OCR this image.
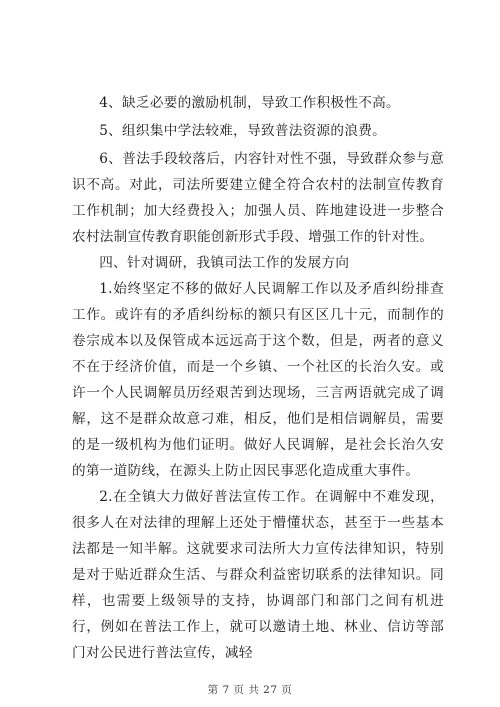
4、缺乏必要的激励机制，导致工作积极性不高。

5、组织集中学法较难，导致普法资源的浪费。

6、普法手段较落后，内容针对性不强，导致群众参与意识不高。对此，司法所要建立健全符合农村的法制宣传教育工作机制；加大经费投入；加强人员、阵地建设进一步整合农村法制宣传教育职能创新形式手段、增强工作的针对性。

四、针对调研，我镇司法工作的发展方向

1.始终坚定不移的做好人民调解工作以及矛盾纠纷排查工作。或许有的矛盾纠纷标的额只有区区几十元，而制作的卷宗成本以及保管成本远远高于这个数，但是，两者的意义不在于经济价值，而是一个乡镇、一个社区的长治久安。或许一个人民调解员历经艰苦到达现场，三言两语就完成了调解，这不是群众故意刁难，相反，他们是相信调解员，需要的是一级机构为他们证明。做好人民调解，是社会长治久安的第一道防线，在源头上防止因民事恶化造成重大事件。

2.在全镇大力做好普法宣传工作。在调解中不难发现，很多人在对法律的理解上还处于懵懂状态，甚至于一些基本法都是一知半解。这就要求司法所大力宣传法律知识，特别是对于贴近群众生活、与群众利益密切联系的法律知识。同样，也需要上级领导的支持，协调部门和部门之间有机进行，例如在普法工作上，就可以邀请土地、林业、信访等部门对公民进行普法宣传，减轻

第 7 页 共 27 页
